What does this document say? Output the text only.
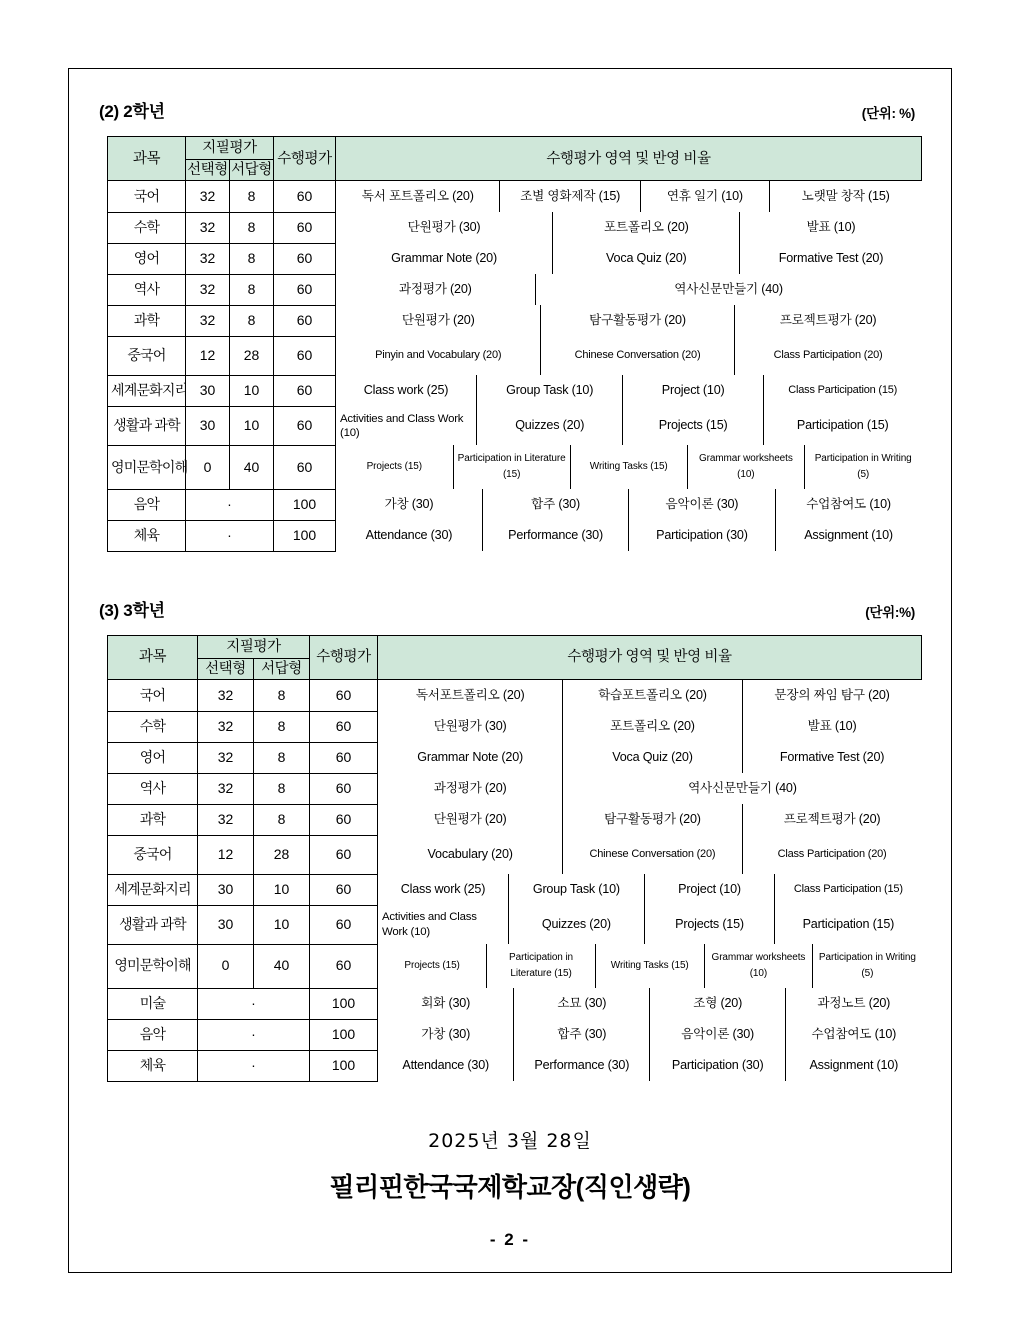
(2) 2학년	(단위: %)
과목	지필평가	수행평가	수행평가 영역 및 반영 비율
선택형	서답형
국어	32	8	60		독서 포트폴리오 (20)	조별 영화제작 (15)	연휴 일기 (10)	노랫말 창작 (15)

수학	32	8	60		단원평가 (30)	포트폴리오 (20)	발표 (10)

영어	32	8	60		Grammar Note (20)	Voca Quiz (20)	Formative Test (20)

역사	32	8	60		과정평가 (20)	역사신문만들기 (40)

과학	32	8	60		단원평가 (20)	탐구활동평가 (20)	프로젝트평가 (20)

중국어	12	28	60		Pinyin and Vocabulary (20)	Chinese Conversation (20)	Class Participation (20)

세계문화지리	30	10	60		Class work (25)	Group Task (10)	Project (10)	Class Participation (15)

생활과 과학	30	10	60	Activities and Class Work (10)	Quizzes (20)	Projects (15)	Participation (15)

영미문학이해	0	40	60		Projects (15)	Participation in Literature (15)	Writing Tasks (15)	Grammar worksheets (10)	Participation in Writing (5)

음악	·	100		가창 (30)	합주 (30)	음악이론 (30)	수업참여도 (10)

체육	·	100		Attendance (30)	Performance (30)	Participation (30)	Assignment (10)
(3) 3학년	(단위:%)
과목	지필평가	수행평가	수행평가 영역 및 반영 비율
선택형	서답형
국어	32	8	60		독서포트폴리오 (20)	학습포트폴리오 (20)	문장의 짜임 탐구 (20)

수학	32	8	60		단원평가 (30)	포트폴리오 (20)	발표 (10)

영어	32	8	60		Grammar Note (20)	Voca Quiz (20)	Formative Test (20)

역사	32	8	60		과정평가 (20)	역사신문만들기 (40)

과학	32	8	60		단원평가 (20)	탐구활동평가 (20)	프로젝트평가 (20)

중국어	12	28	60		Vocabulary (20)	Chinese Conversation (20)	Class Participation (20)

세계문화지리	30	10	60		Class work (25)	Group Task (10)	Project (10)	Class Participation (15)

생활과 과학	30	10	60		Activities and Class Work (10)	Quizzes (20)	Projects (15)	Participation (15)

영미문학이해	0	40	60		Projects (15)	Participation in Literature (15)	Writing Tasks (15)	Grammar worksheets (10)	Participation in Writing (5)

미술	·	100		회화 (30)	소묘 (30)	조형 (20)	과정노트 (20)

음악	·	100		가창 (30)	합주 (30)	음악이론 (30)	수업참여도 (10)

체육	·	100		Attendance (30)	Performance (30)	Participation (30)	Assignment (10)
2025년 3월 28일
필리핀한국국제학교장(직인생략)
- 2 -
